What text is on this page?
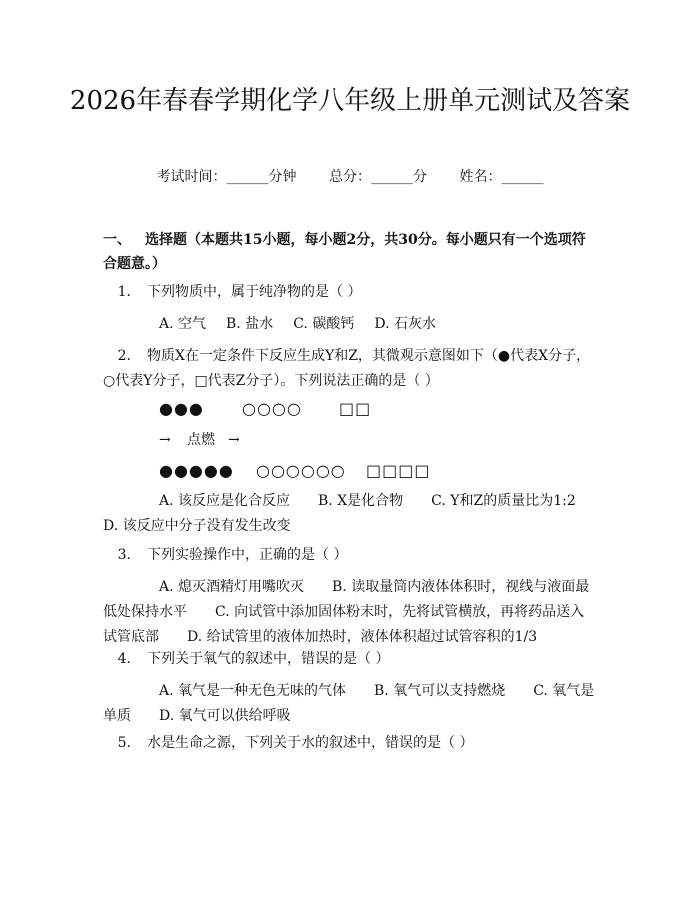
2026年春春学期化学八年级上册单元测试及答案
考试时间：______分钟 总分：______分 姓名：______

一、 选择题（本题共15小题，每小题2分，共30分。每小题只有一个选项符合题意。）

1. 下列物质中，属于纯净物的是（ ）

A. 空气 B. 盐水 C. 碳酸钙 D. 石灰水

2. 物质X在一定条件下反应生成Y和Z，其微观示意图如下（●代表X分子，○代表Y分子，□代表Z分子）。下列说法正确的是（ ）

●●● ○○○○ □□
→ 点燃 →
●●●●● ○○○○○○ □□□□

A. 该反应是化合反应　　B. X是化合物　　C. Y和Z的质量比为1:2　　D. 该反应中分子没有发生改变

3. 下列实验操作中，正确的是（ ）

A. 熄灭酒精灯用嘴吹灭　　B. 读取量筒内液体体积时，视线与液面最低处保持水平　　C. 向试管中添加固体粉末时，先将试管横放，再将药品送入试管底部　　D. 给试管里的液体加热时，液体体积超过试管容积的1/3

4. 下列关于氧气的叙述中，错误的是（ ）

A. 氧气是一种无色无味的气体　　B. 氧气可以支持燃烧　　C. 氧气是单质　　D. 氧气可以供给呼吸

5. 水是生命之源，下列关于水的叙述中，错误的是（ ）
